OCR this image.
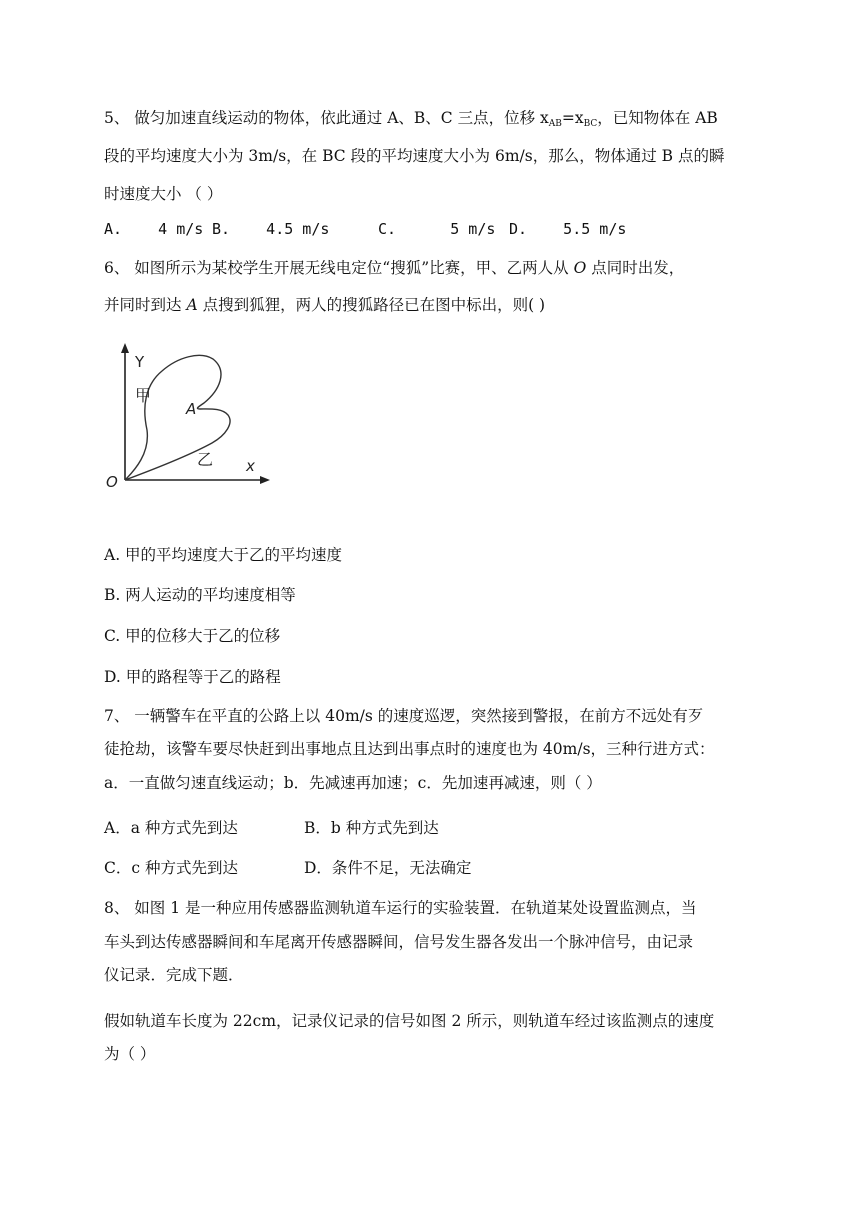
5、 做匀加速直线运动的物体，依此通过 A、B、C 三点，位移 $x_{AB}=x_{BC}$，已知物体在 AB
段的平均速度大小为 3m/s，在 BC 段的平均速度大小为 6m/s，那么，物体通过 B 点的瞬
时速度大小 （ ）
A.    4 m/s B.    4.5 m/s	C.      5 m/s D.    5.5 m/s
6、 如图所示为某校学生开展无线电定位“搜狐”比赛，甲、乙两人从 O 点同时出发，
并同时到达 A 点搜到狐狸，两人的搜狐路径已在图中标出，则( )
Y
甲
A
乙 x
O
A. 甲的平均速度大于乙的平均速度
B. 两人运动的平均速度相等
C. 甲的位移大于乙的位移
D. 甲的路程等于乙的路程
7、 一辆警车在平直的公路上以 40m/s 的速度巡逻，突然接到警报，在前方不远处有歹
徒抢劫，该警车要尽快赶到出事地点且达到出事点时的速度也为 40m/s，三种行进方式：
a．一直做匀速直线运动；b．先减速再加速；c．先加速再减速，则（ ）
A．a 种方式先到达	B．b 种方式先到达
C．c 种方式先到达	D．条件不足，无法确定
8、 如图 1 是一种应用传感器监测轨道车运行的实验装置．在轨道某处设置监测点，当
车头到达传感器瞬间和车尾离开传感器瞬间，信号发生器各发出一个脉冲信号，由记录
仪记录．完成下题．
假如轨道车长度为 22cm，记录仪记录的信号如图 2 所示，则轨道车经过该监测点的速度
为（ ）
